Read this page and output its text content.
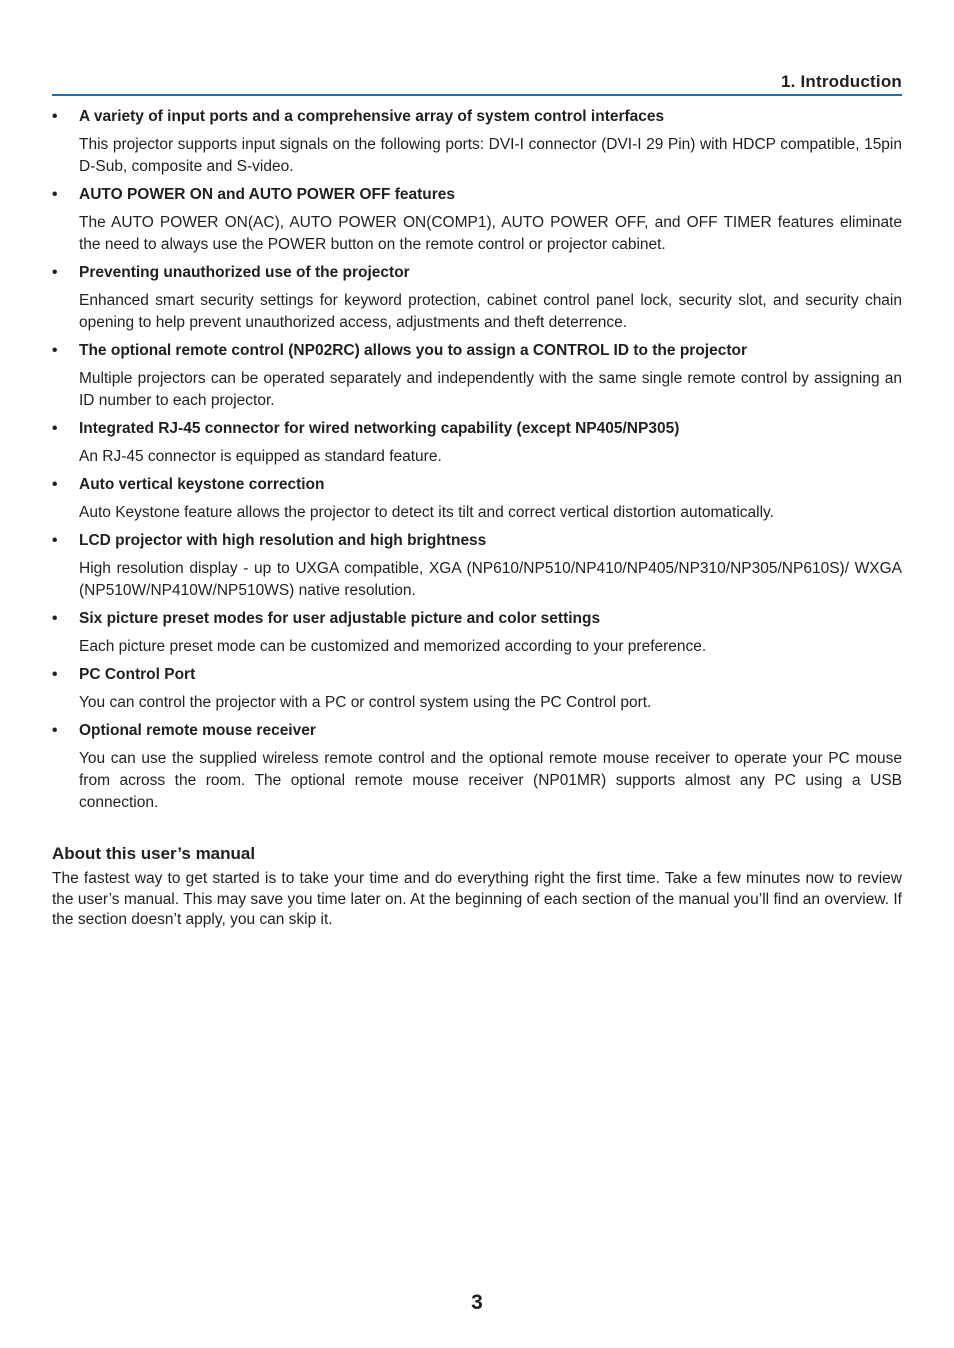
1. Introduction
•	A variety of input ports and a comprehensive array of system control interfaces
This projector supports input signals on the following ports: DVI-I connector (DVI-I 29 Pin) with HDCP compatible, 15pin D-Sub, composite and S-video.
•	AUTO POWER ON and AUTO POWER OFF features
The AUTO POWER ON(AC), AUTO POWER ON(COMP1), AUTO POWER OFF, and OFF TIMER features eliminate the need to always use the POWER button on the remote control or projector cabinet.
•	Preventing unauthorized use of the projector
Enhanced smart security settings for keyword protection, cabinet control panel lock, security slot, and security chain opening to help prevent unauthorized access, adjustments and theft deterrence.
•	The optional remote control (NP02RC) allows you to assign a CONTROL ID to the projector
Multiple projectors can be operated separately and independently with the same single remote control by assigning an ID number to each projector.
•	Integrated RJ-45 connector for wired networking capability (except NP405/NP305)
An RJ-45 connector is equipped as standard feature.
•	Auto vertical keystone correction
Auto Keystone feature allows the projector to detect its tilt and correct vertical distortion automatically.
•	LCD projector with high resolution and high brightness
High resolution display - up to UXGA compatible, XGA (NP610/NP510/NP410/NP405/NP310/NP305/NP610S)/ WXGA (NP510W/NP410W/NP510WS) native resolution.
•	Six picture preset modes for user adjustable picture and color settings
Each picture preset mode can be customized and memorized according to your preference.
•	PC Control Port
You can control the projector with a PC or control system using the PC Control port.
•	Optional remote mouse receiver
You can use the supplied wireless remote control and the optional remote mouse receiver to operate your PC mouse from across the room. The optional remote mouse receiver (NP01MR) supports almost any PC using a USB connection.
About this user’s manual
The fastest way to get started is to take your time and do everything right the first time. Take a few minutes now to review the user’s manual. This may save you time later on. At the beginning of each section of the manual you’ll find an overview. If the section doesn’t apply, you can skip it.
3
